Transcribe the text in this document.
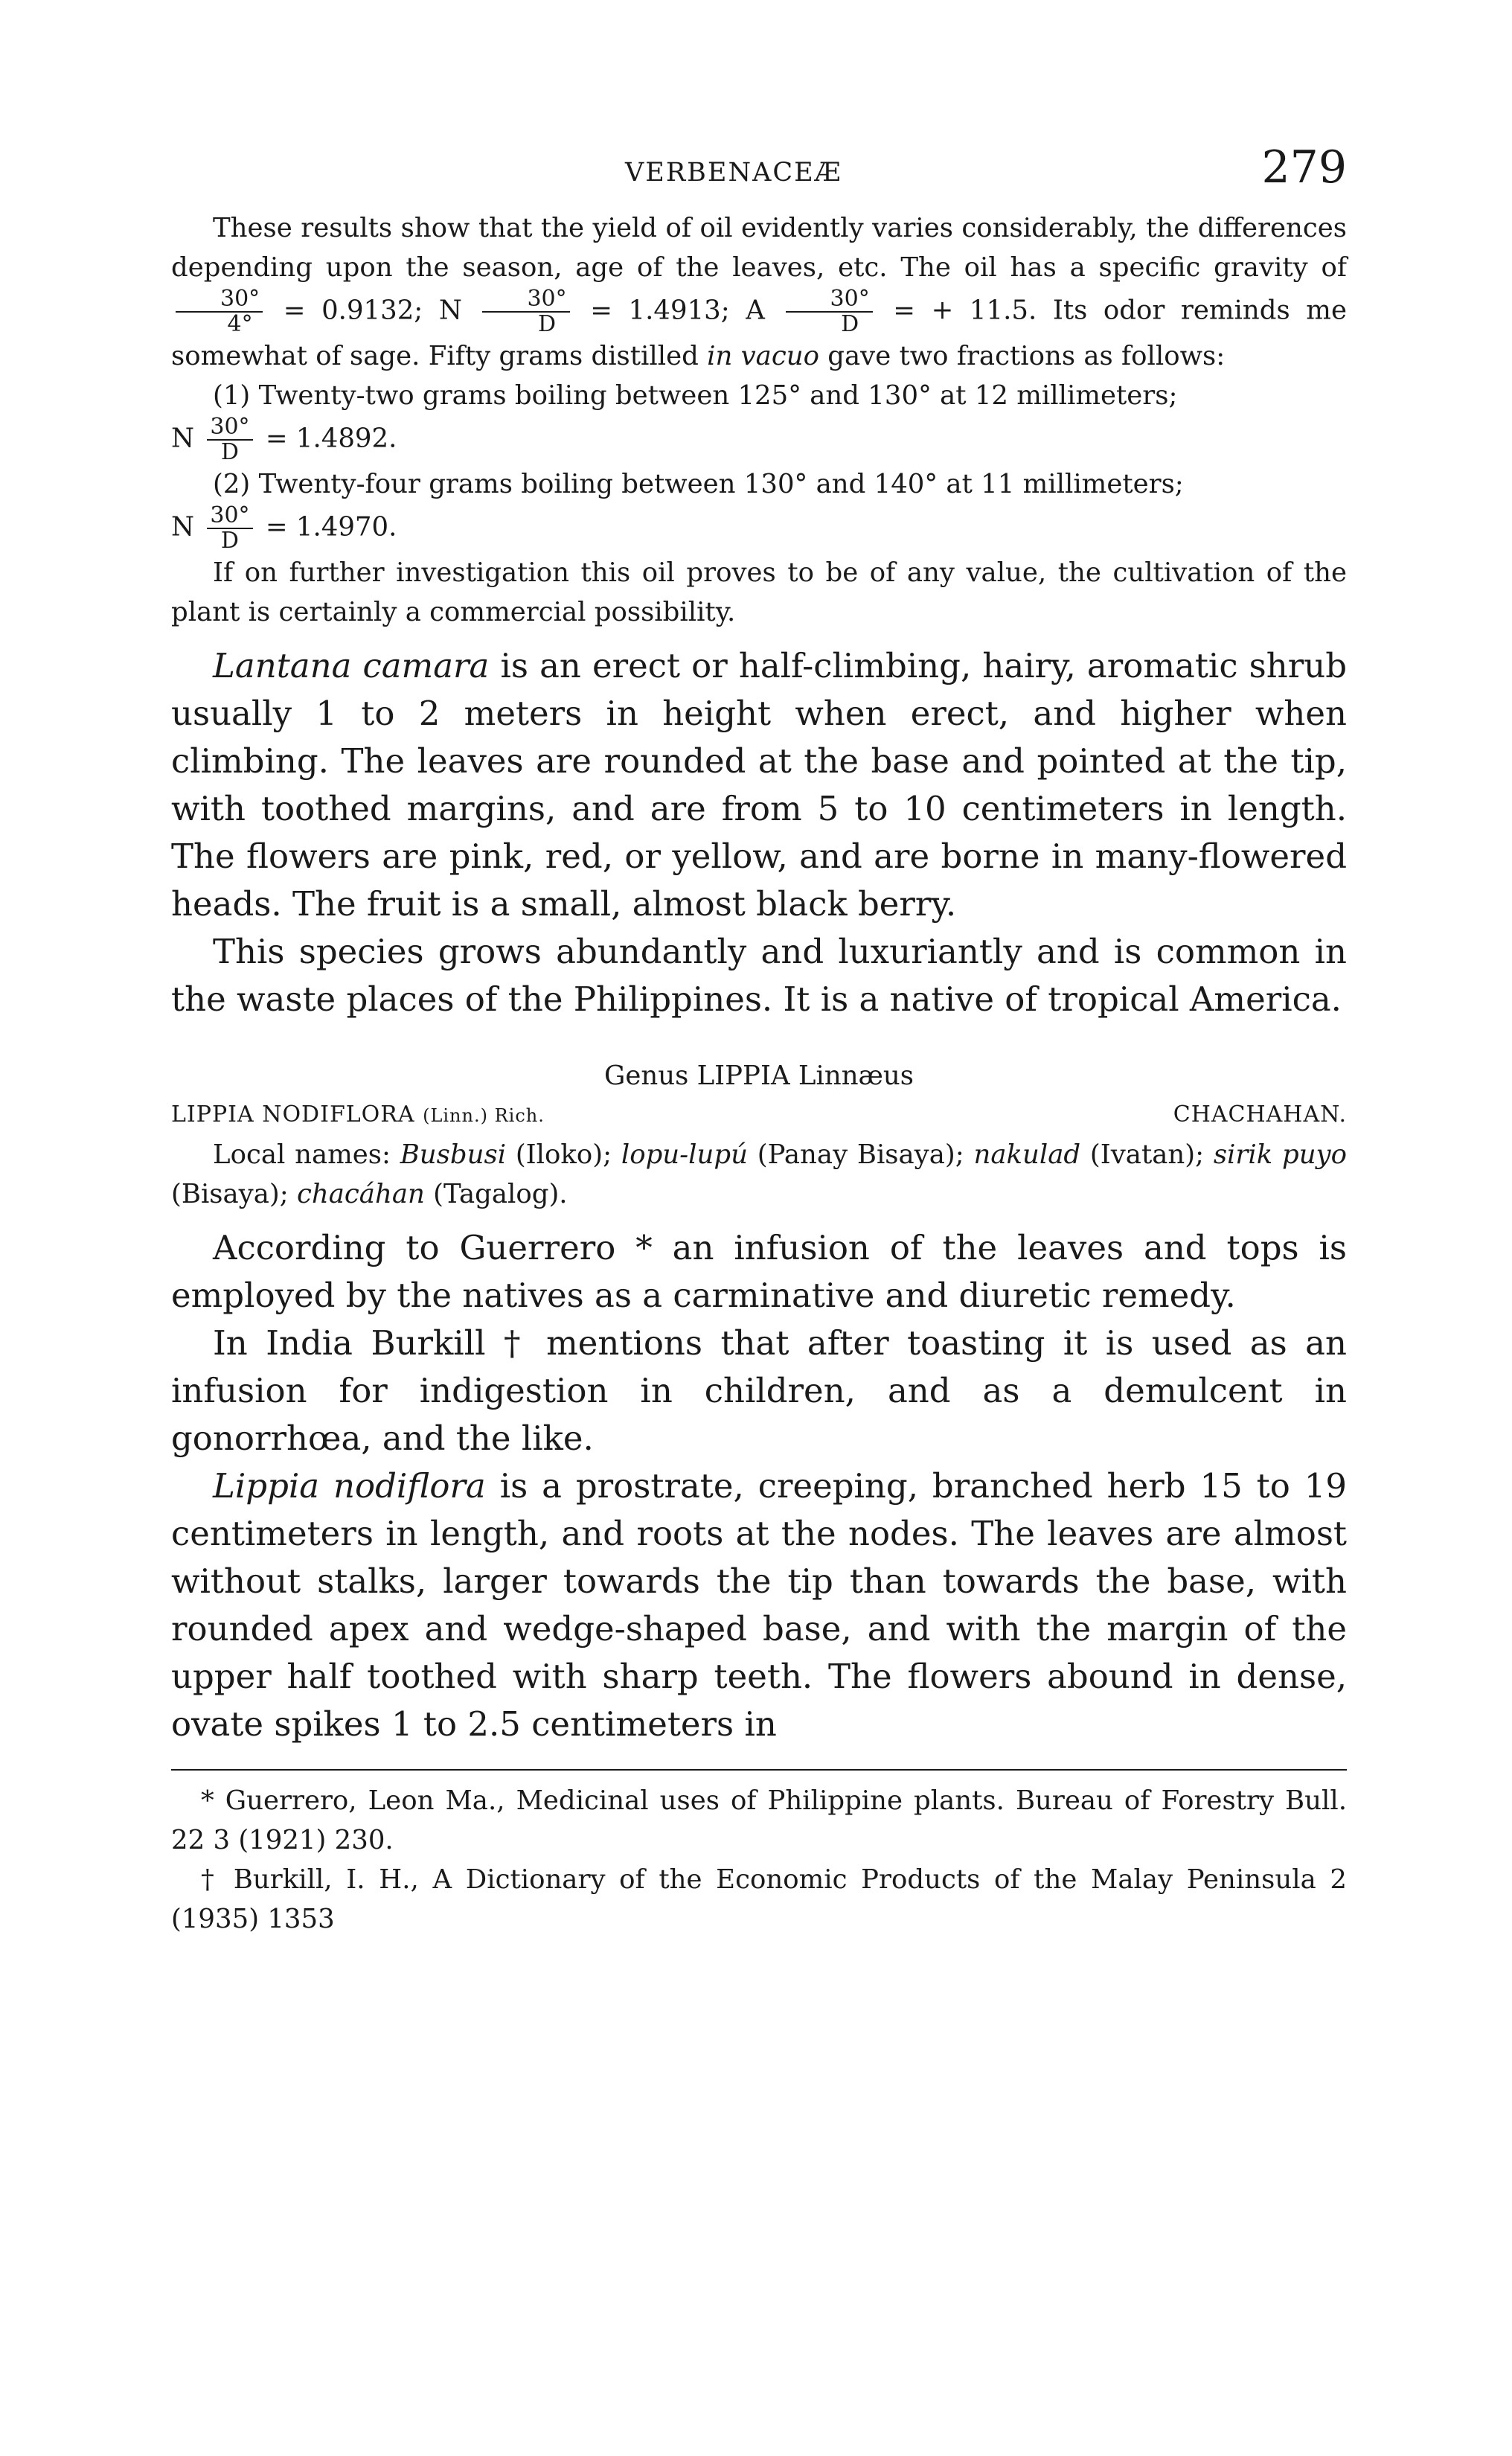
VERBENACEÆ	279

These results show that the yield of oil evidently varies considerably, the differences depending upon the season, age of the leaves, etc. The oil has a specific gravity of
$\frac{30^\circ}{4^\circ} = 0.9132$; N $\frac{30^\circ}{D} = 1.4913$; A $\frac{30^\circ}{D}$ = + 11.5. Its odor reminds me somewhat of sage. Fifty grams distilled in vacuo gave two fractions as follows:

(1) Twenty-two grams boiling between 125° and 130° at 12 millimeters;

N $\frac{30^\circ}{D} = 1.4892$.

(2) Twenty-four grams boiling between 130° and 140° at 11 millimeters;

N $\frac{30^\circ}{D} = 1.4970$.

If on further investigation this oil proves to be of any value, the cultivation of the plant is certainly a commercial possibility.

Lantana camara is an erect or half-climbing, hairy, aromatic shrub usually 1 to 2 meters in height when erect, and higher when climbing. The leaves are rounded at the base and pointed at the tip, with toothed margins, and are from 5 to 10 centimeters in length. The flowers are pink, red, or yellow, and are borne in many-flowered heads. The fruit is a small, almost black berry.

This species grows abundantly and luxuriantly and is common in the waste places of the Philippines. It is a native of tropical America.

Genus LIPPIA Linnæus
LIPPIA NODIFLORA (Linn.) Rich.	CHACHAHAN.

Local names: Busbusi (Iloko); lopu-lupú (Panay Bisaya); nakulad (Ivatan); sirik puyo (Bisaya); chacáhan (Tagalog).

According to Guerrero * an infusion of the leaves and tops is employed by the natives as a carminative and diuretic remedy.

In India Burkill † mentions that after toasting it is used as an infusion for indigestion in children, and as a demulcent in gonorrhœa, and the like.

Lippia nodiflora is a prostrate, creeping, branched herb 15 to 19 centimeters in length, and roots at the nodes. The leaves are almost without stalks, larger towards the tip than towards the base, with rounded apex and wedge-shaped base, and with the margin of the upper half toothed with sharp teeth. The flowers abound in dense, ovate spikes 1 to 2.5 centimeters in

* Guerrero, Leon Ma., Medicinal uses of Philippine plants. Bureau of Forestry Bull. 22 3 (1921) 230.

† Burkill, I. H., A Dictionary of the Economic Products of the Malay Peninsula 2 (1935) 1353
